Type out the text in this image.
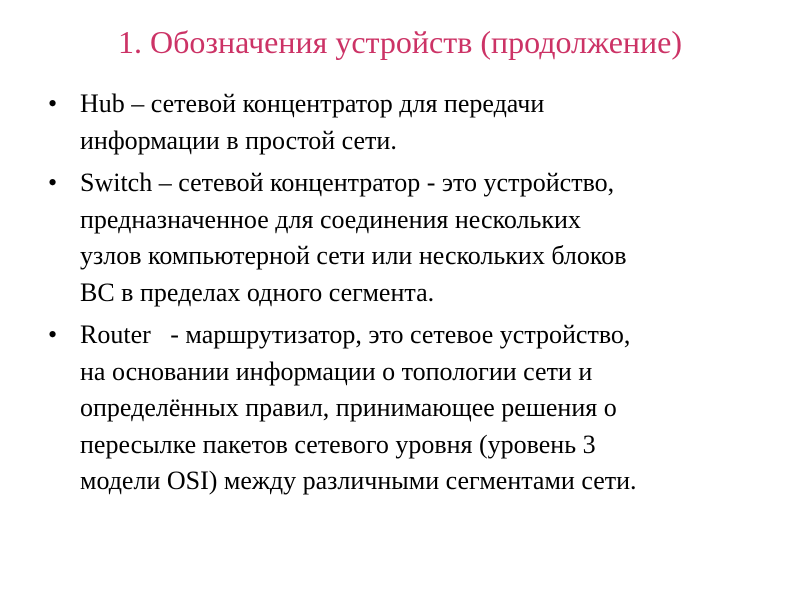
1. Обозначения устройств (продолжение)
• Hub – сетевой концентратор для передачи
информации в простой сети.
• Switch – сетевой концентратор - это устройство,
предназначенное для соединения нескольких
узлов компьютерной сети или нескольких блоков
ВС в пределах одного сегмента.
• Router   - маршрутизатор, это сетевое устройство,
на основании информации о топологии сети и
определённых правил, принимающее решения о
пересылке пакетов сетевого уровня (уровень 3
модели OSI) между различными сегментами сети.
